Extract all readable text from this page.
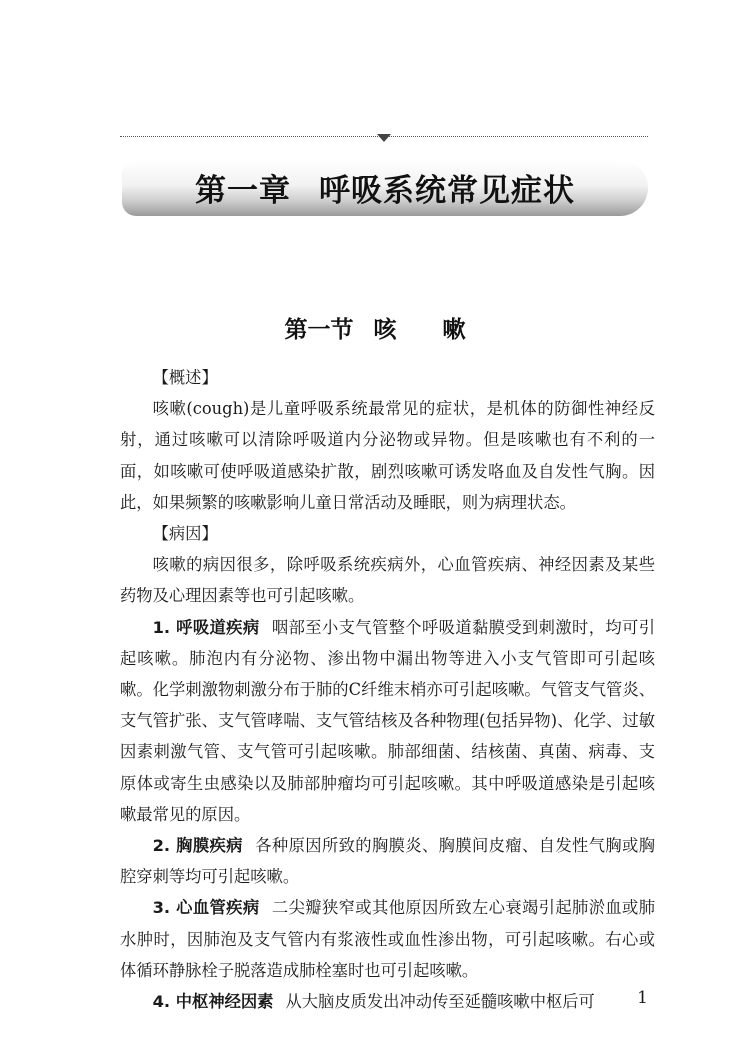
第一章 呼吸系统常见症状
第一节 咳 嗽

【概述】

咳嗽(cough)是儿童呼吸系统最常见的症状，是机体的防御性神经反射，通过咳嗽可以清除呼吸道内分泌物或异物。但是咳嗽也有不利的一面，如咳嗽可使呼吸道感染扩散，剧烈咳嗽可诱发咯血及自发性气胸。因此，如果频繁的咳嗽影响儿童日常活动及睡眠，则为病理状态。

【病因】

咳嗽的病因很多，除呼吸系统疾病外，心血管疾病、神经因素及某些药物及心理因素等也可引起咳嗽。

1. 呼吸道疾病 咽部至小支气管整个呼吸道黏膜受到刺激时，均可引起咳嗽。肺泡内有分泌物、渗出物中漏出物等进入小支气管即可引起咳嗽。化学刺激物刺激分布于肺的C纤维末梢亦可引起咳嗽。气管支气管炎、支气管扩张、支气管哮喘、支气管结核及各种物理(包括异物)、化学、过敏因素刺激气管、支气管可引起咳嗽。肺部细菌、结核菌、真菌、病毒、支原体或寄生虫感染以及肺部肿瘤均可引起咳嗽。其中呼吸道感染是引起咳嗽最常见的原因。

2. 胸膜疾病 各种原因所致的胸膜炎、胸膜间皮瘤、自发性气胸或胸腔穿刺等均可引起咳嗽。

3. 心血管疾病 二尖瓣狭窄或其他原因所致左心衰竭引起肺淤血或肺水肿时，因肺泡及支气管内有浆液性或血性渗出物，可引起咳嗽。右心或体循环静脉栓子脱落造成肺栓塞时也可引起咳嗽。

4. 中枢神经因素 从大脑皮质发出冲动传至延髓咳嗽中枢后可	1
